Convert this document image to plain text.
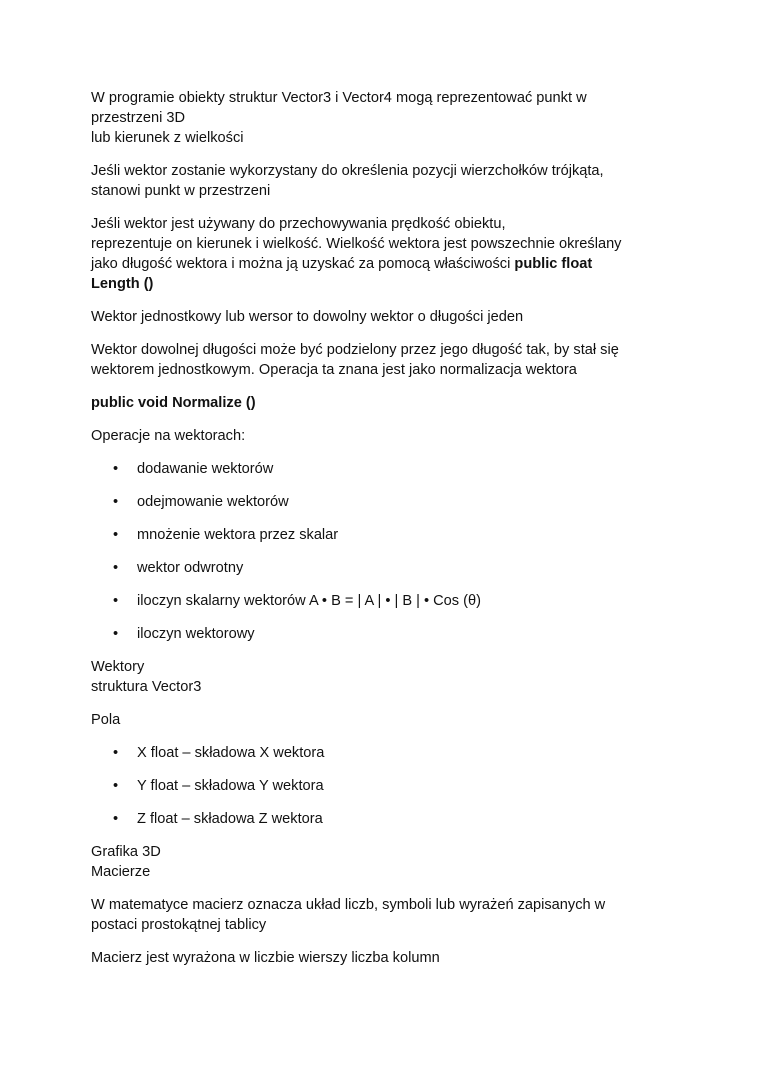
W programie obiekty struktur Vector3 i Vector4 mogą reprezentować punkt w
przestrzeni 3D
lub kierunek z wielkości

Jeśli wektor zostanie wykorzystany do określenia pozycji wierzchołków trójkąta,
stanowi punkt w przestrzeni

Jeśli wektor jest używany do przechowywania prędkość obiektu,
reprezentuje on kierunek i wielkość. Wielkość wektora jest powszechnie określany
jako długość wektora i można ją uzyskać za pomocą właściwości public float
Length ()

Wektor jednostkowy lub wersor to dowolny wektor o długości jeden

Wektor dowolnej długości może być podzielony przez jego długość tak, by stał się
wektorem jednostkowym. Operacja ta znana jest jako normalizacja wektora

public void Normalize ()

Operacje na wektorach:

• dodawanie wektorów
• odejmowanie wektorów
• mnożenie wektora przez skalar
• wektor odwrotny
• iloczyn skalarny wektorów A • B = | A | • | B | • Cos (θ)
• iloczyn wektorowy

Wektory
struktura Vector3

Pola

• X float – składowa X wektora
• Y float – składowa Y wektora
• Z float – składowa Z wektora

Grafika 3D
Macierze

W matematyce macierz oznacza układ liczb, symboli lub wyrażeń zapisanych w
postaci prostokątnej tablicy

Macierz jest wyrażona w liczbie wierszy liczba kolumn
